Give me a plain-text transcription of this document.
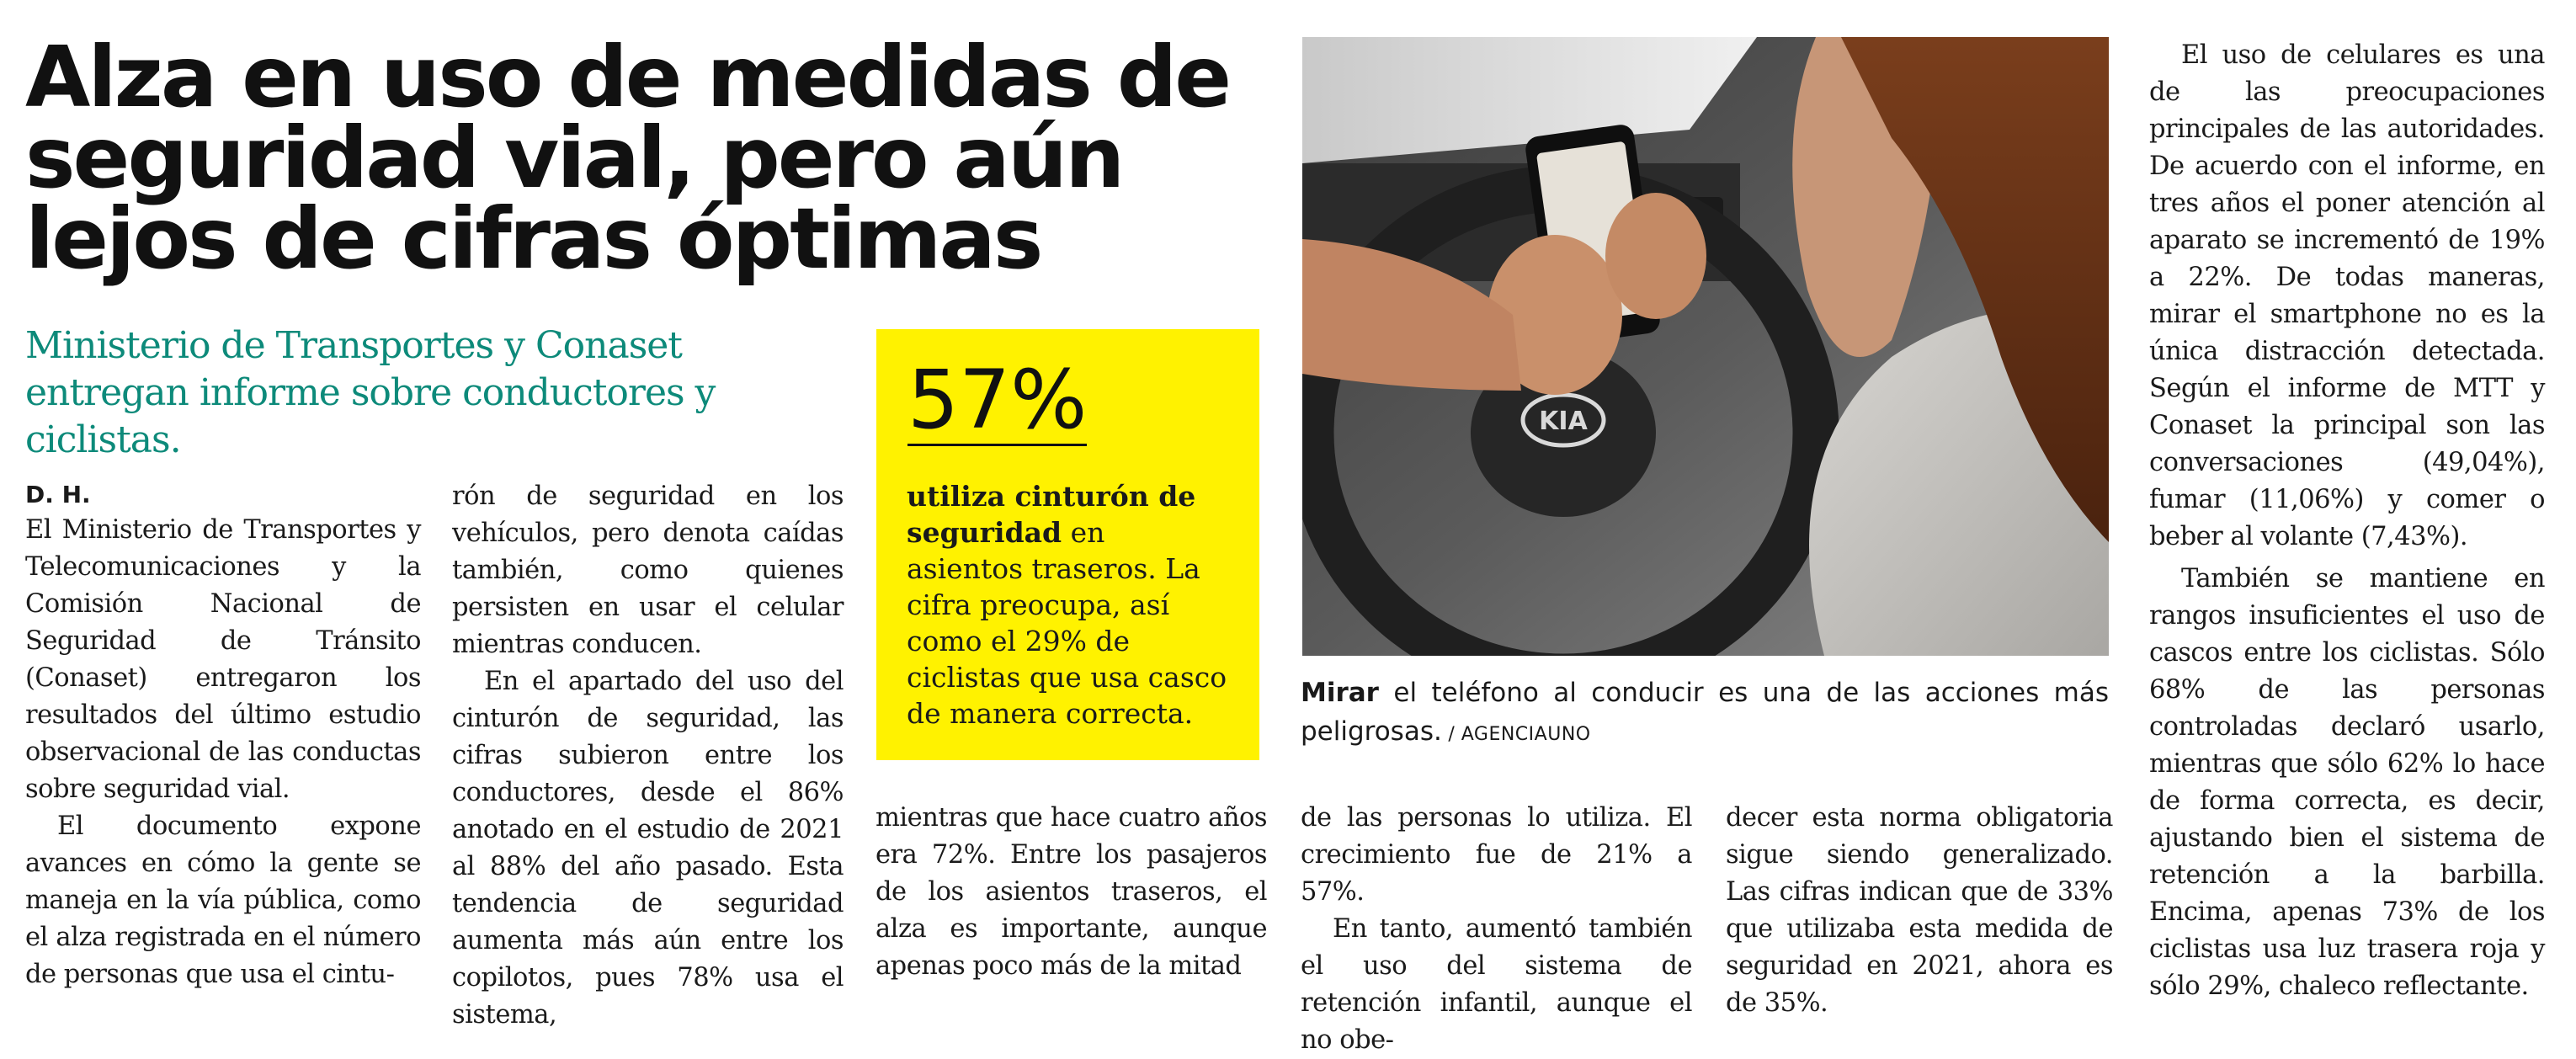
Alza en uso de medidas de seguridad vial, pero aún lejos de cifras óptimas

Ministerio de Transportes y Conaset entregan informe sobre conductores y ciclistas.

D. H.

El Ministerio de Transportes y Telecomunicaciones y la Comisión Nacional de Seguridad de Tránsito (Conaset) entregaron los resultados del último estudio observacional de las conductas sobre seguridad vial.

El documento expone avances en cómo la gente se maneja en la vía pública, como el alza registrada en el número de personas que usa el cintu-

rón de seguridad en los vehículos, pero denota caídas también, como quienes persisten en usar el celular mientras conducen.

En el apartado del uso del cinturón de seguridad, las cifras subieron entre los conductores, desde el 86% anotado en el estudio de 2021 al 88% del año pasado. Esta tendencia de seguridad aumenta más aún entre los copilotos, pues 78% usa el sistema,

57%
utiliza cinturón de seguridad en asientos traseros. La cifra preocupa, así como el 29% de ciclistas que usa casco de manera correcta.

mientras que hace cuatro años era 72%. Entre los pasajeros de los asientos traseros, el alza es importante, aunque apenas poco más de la mitad

KIA
Mirar el teléfono al conducir es una de las acciones más peligrosas. / AGENCIAUNO

de las personas lo utiliza. El crecimiento fue de 21% a 57%.

En tanto, aumentó también el uso del sistema de retención infantil, aunque el no obe-

decer esta norma obligatoria sigue siendo generalizado. Las cifras indican que de 33% que utilizaba esta medida de seguridad en 2021, ahora es de 35%.

El uso de celulares es una de las preocupaciones principales de las autoridades. De acuerdo con el informe, en tres años el poner atención al aparato se incrementó de 19% a 22%. De todas maneras, mirar el smartphone no es la única distracción detectada. Según el informe de MTT y Conaset la principal son las conversaciones (49,04%), fumar (11,06%) y comer o beber al volante (7,43%).

También se mantiene en rangos insuficientes el uso de cascos entre los ciclistas. Sólo 68% de las personas controladas declaró usarlo, mientras que sólo 62% lo hace de forma correcta, es decir, ajustando bien el sistema de retención a la barbilla. Encima, apenas 73% de los ciclistas usa luz trasera roja y sólo 29%, chaleco reflectante.
